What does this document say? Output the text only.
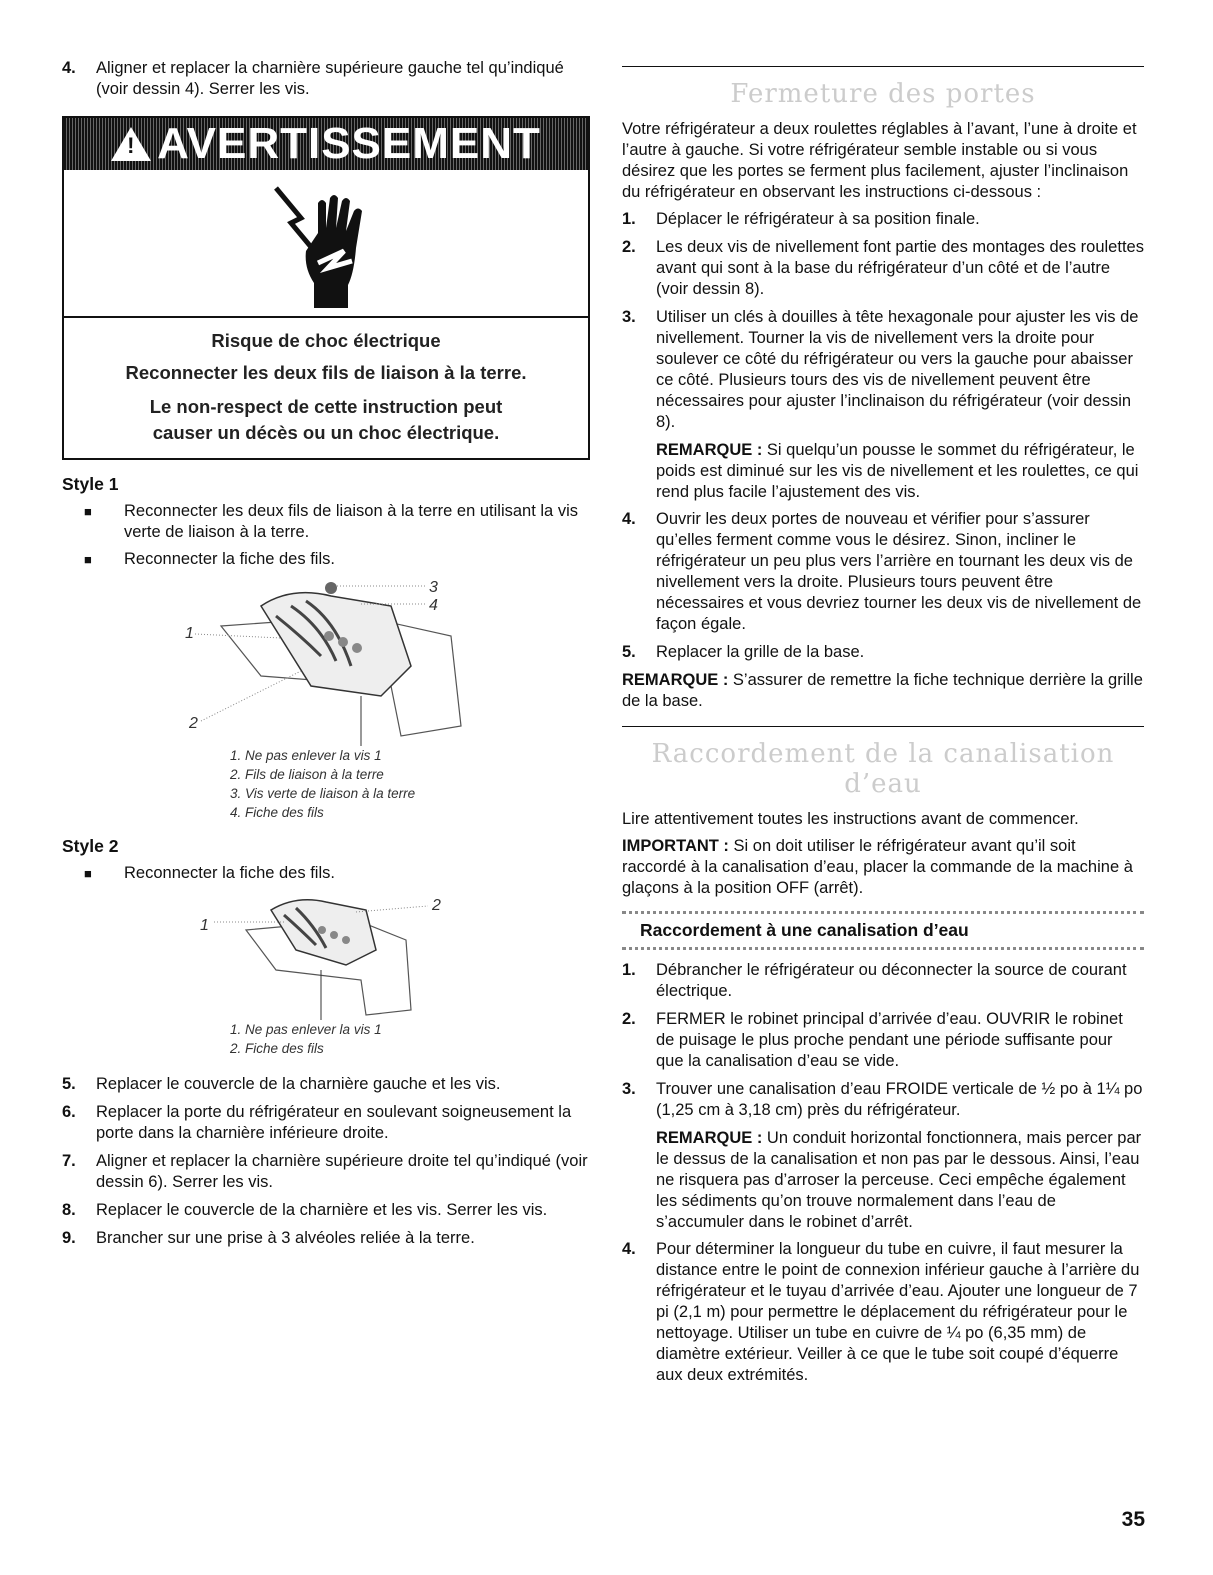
4.	Aligner et replacer la charnière supérieure gauche tel qu’indiqué (voir dessin 4). Serrer les vis.
! AVERTISSEMENT
Risque de choc électrique
Reconnecter les deux fils de liaison à la terre.
Le non-respect de cette instruction peut
causer un décès ou un choc électrique.
Style 1
■	Reconnecter les deux fils de liaison à la terre en utilisant la vis verte de liaison à la terre.
■	Reconnecter la fiche des fils.
1
2
3
4
1. Ne pas enlever la vis 1
2. Fils de liaison à la terre
3. Vis verte de liaison à la terre
4. Fiche des fils
Style 2
■	Reconnecter la fiche des fils.
1
2
1. Ne pas enlever la vis 1
2. Fiche des fils
5.	Replacer le couvercle de la charnière gauche et les vis.
6.	Replacer la porte du réfrigérateur en soulevant soigneusement la porte dans la charnière inférieure droite.
7.	Aligner et replacer la charnière supérieure droite tel qu’indiqué (voir dessin 6). Serrer les vis.
8.	Replacer le couvercle de la charnière et les vis. Serrer les vis.
9.	Brancher sur une prise à 3 alvéoles reliée à la terre.
Fermeture des portes

Votre réfrigérateur a deux roulettes réglables à l’avant, l’une à droite et l’autre à gauche. Si votre réfrigérateur semble instable ou si vous désirez que les portes se ferment plus facilement, ajuster l’inclinaison du réfrigérateur en observant les instructions ci-dessous :

1.	Déplacer le réfrigérateur à sa position finale.
2.	Les deux vis de nivellement font partie des montages des roulettes avant qui sont à la base du réfrigérateur d’un côté et de l’autre (voir dessin 8).
3.	Utiliser un clés à douilles à tête hexagonale pour ajuster les vis de nivellement. Tourner la vis de nivellement vers la droite pour soulever ce côté du réfrigérateur ou vers la gauche pour abaisser ce côté. Plusieurs tours des vis de nivellement peuvent être nécessaires pour ajuster l’inclinaison du réfrigérateur (voir dessin 8).

REMARQUE : Si quelqu’un pousse le sommet du réfrigérateur, le poids est diminué sur les vis de nivellement et les roulettes, ce qui rend plus facile l’ajustement des vis.

4.	Ouvrir les deux portes de nouveau et vérifier pour s’assurer qu’elles ferment comme vous le désirez. Sinon, incliner le réfrigérateur un peu plus vers l’arrière en tournant les deux vis de nivellement vers la droite. Plusieurs tours peuvent être nécessaires et vous devriez tourner les deux vis de nivellement de façon égale.
5.	Replacer la grille de la base.

REMARQUE : S’assurer de remettre la fiche technique derrière la grille de la base.

Raccordement de la canalisation d’eau

Lire attentivement toutes les instructions avant de commencer.

IMPORTANT : Si on doit utiliser le réfrigérateur avant qu’il soit raccordé à la canalisation d’eau, placer la commande de la machine à glaçons à la position OFF (arrêt).

Raccordement à une canalisation d’eau
1.	Débrancher le réfrigérateur ou déconnecter la source de courant électrique.
2.	FERMER le robinet principal d’arrivée d’eau. OUVRIR le robinet de puisage le plus proche pendant une période suffisante pour que la canalisation d’eau se vide.
3.	Trouver une canalisation d’eau FROIDE verticale de ½ po à 1¼ po (1,25 cm à 3,18 cm) près du réfrigérateur.

REMARQUE : Un conduit horizontal fonctionnera, mais percer par le dessus de la canalisation et non pas par le dessous. Ainsi, l’eau ne risquera pas d’arroser la perceuse. Ceci empêche également les sédiments qu’on trouve normalement dans l’eau de s’accumuler dans le robinet d’arrêt.

4.	Pour déterminer la longueur du tube en cuivre, il faut mesurer la distance entre le point de connexion inférieur gauche à l’arrière du réfrigérateur et le tuyau d’arrivée d’eau. Ajouter une longueur de 7 pi (2,1 m) pour permettre le déplacement du réfrigérateur pour le nettoyage. Utiliser un tube en cuivre de ¼ po (6,35 mm) de diamètre extérieur. Veiller à ce que le tube soit coupé d’équerre aux deux extrémités.
35
